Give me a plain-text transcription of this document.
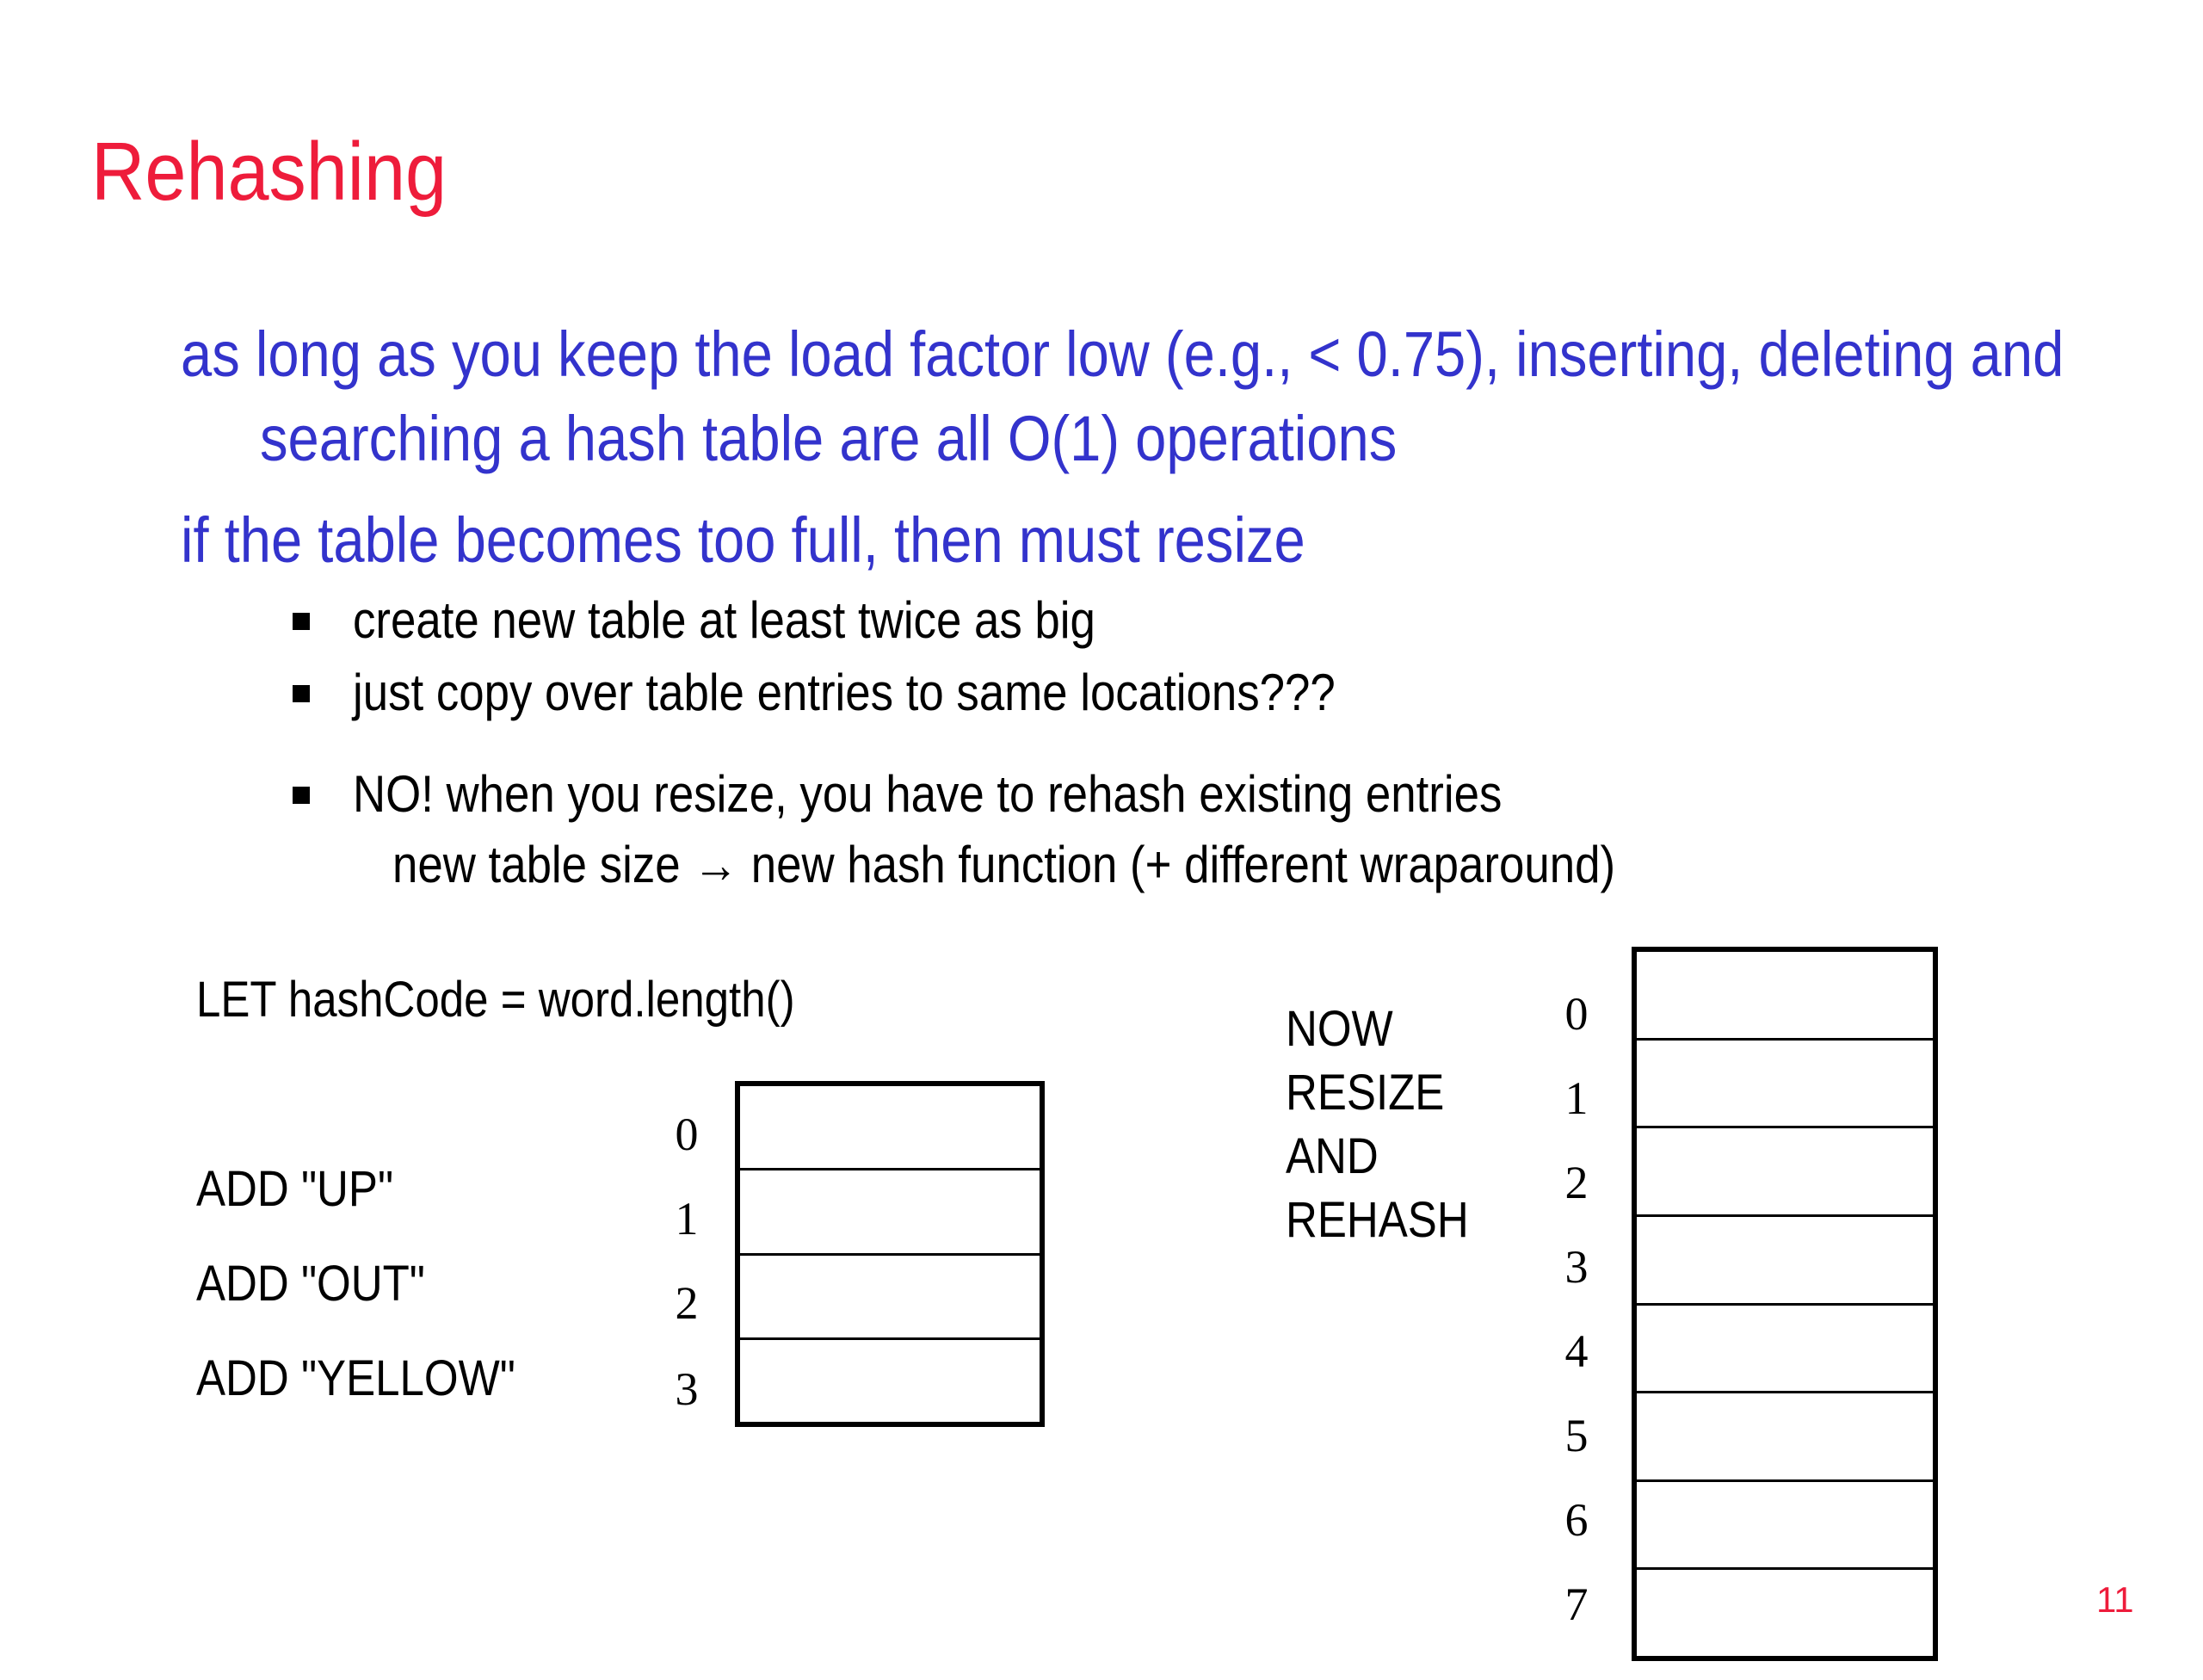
Rehashing
as long as you keep the load factor low (e.g., < 0.75), inserting, deleting and
searching a hash table are all O(1) operations
if the table becomes too full, then must resize
create new table at least twice as big
just copy over table entries to same locations???
NO! when you resize, you have to rehash existing entries
new table size → new hash function (+ different wraparound)
LET hashCode = word.length()
ADD "UP"
ADD "OUT"
ADD "YELLOW"
0
1
2
3
NOW
RESIZE
AND
REHASH
0
1
2
3
4
5
6
7	11
